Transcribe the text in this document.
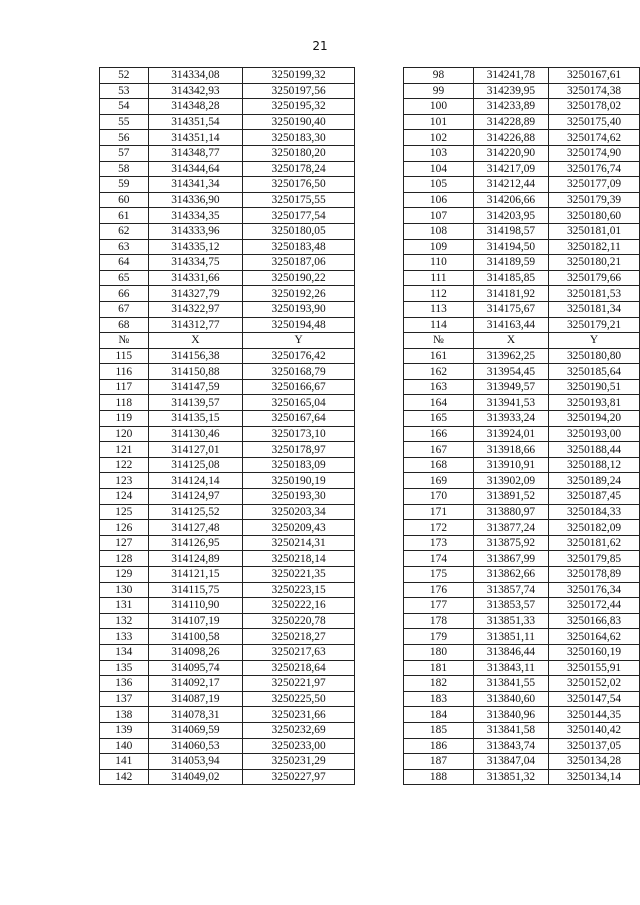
21
52	314334,08	3250199,32		98	314241,78	3250167,61
53	314342,93	3250197,56		99	314239,95	3250174,38
54	314348,28	3250195,32		100	314233,89	3250178,02
55	314351,54	3250190,40		101	314228,89	3250175,40
56	314351,14	3250183,30		102	314226,88	3250174,62
57	314348,77	3250180,20		103	314220,90	3250174,90
58	314344,64	3250178,24		104	314217,09	3250176,74
59	314341,34	3250176,50		105	314212,44	3250177,09
60	314336,90	3250175,55		106	314206,66	3250179,39
61	314334,35	3250177,54		107	314203,95	3250180,60
62	314333,96	3250180,05		108	314198,57	3250181,01
63	314335,12	3250183,48		109	314194,50	3250182,11
64	314334,75	3250187,06		110	314189,59	3250180,21
65	314331,66	3250190,22		111	314185,85	3250179,66
66	314327,79	3250192,26		112	314181,92	3250181,53
67	314322,97	3250193,90		113	314175,67	3250181,34
68	314312,77	3250194,48		114	314163,44	3250179,21
№	X	Y		№	X	Y
115	314156,38	3250176,42		161	313962,25	3250180,80
116	314150,88	3250168,79		162	313954,45	3250185,64
117	314147,59	3250166,67		163	313949,57	3250190,51
118	314139,57	3250165,04		164	313941,53	3250193,81
119	314135,15	3250167,64		165	313933,24	3250194,20
120	314130,46	3250173,10		166	313924,01	3250193,00
121	314127,01	3250178,97		167	313918,66	3250188,44
122	314125,08	3250183,09		168	313910,91	3250188,12
123	314124,14	3250190,19		169	313902,09	3250189,24
124	314124,97	3250193,30		170	313891,52	3250187,45
125	314125,52	3250203,34		171	313880,97	3250184,33
126	314127,48	3250209,43		172	313877,24	3250182,09
127	314126,95	3250214,31		173	313875,92	3250181,62
128	314124,89	3250218,14		174	313867,99	3250179,85
129	314121,15	3250221,35		175	313862,66	3250178,89
130	314115,75	3250223,15		176	313857,74	3250176,34
131	314110,90	3250222,16		177	313853,57	3250172,44
132	314107,19	3250220,78		178	313851,33	3250166,83
133	314100,58	3250218,27		179	313851,11	3250164,62
134	314098,26	3250217,63		180	313846,44	3250160,19
135	314095,74	3250218,64		181	313843,11	3250155,91
136	314092,17	3250221,97		182	313841,55	3250152,02
137	314087,19	3250225,50		183	313840,60	3250147,54
138	314078,31	3250231,66		184	313840,96	3250144,35
139	314069,59	3250232,69		185	313841,58	3250140,42
140	314060,53	3250233,00		186	313843,74	3250137,05
141	314053,94	3250231,29		187	313847,04	3250134,28
142	314049,02	3250227,97		188	313851,32	3250134,14
